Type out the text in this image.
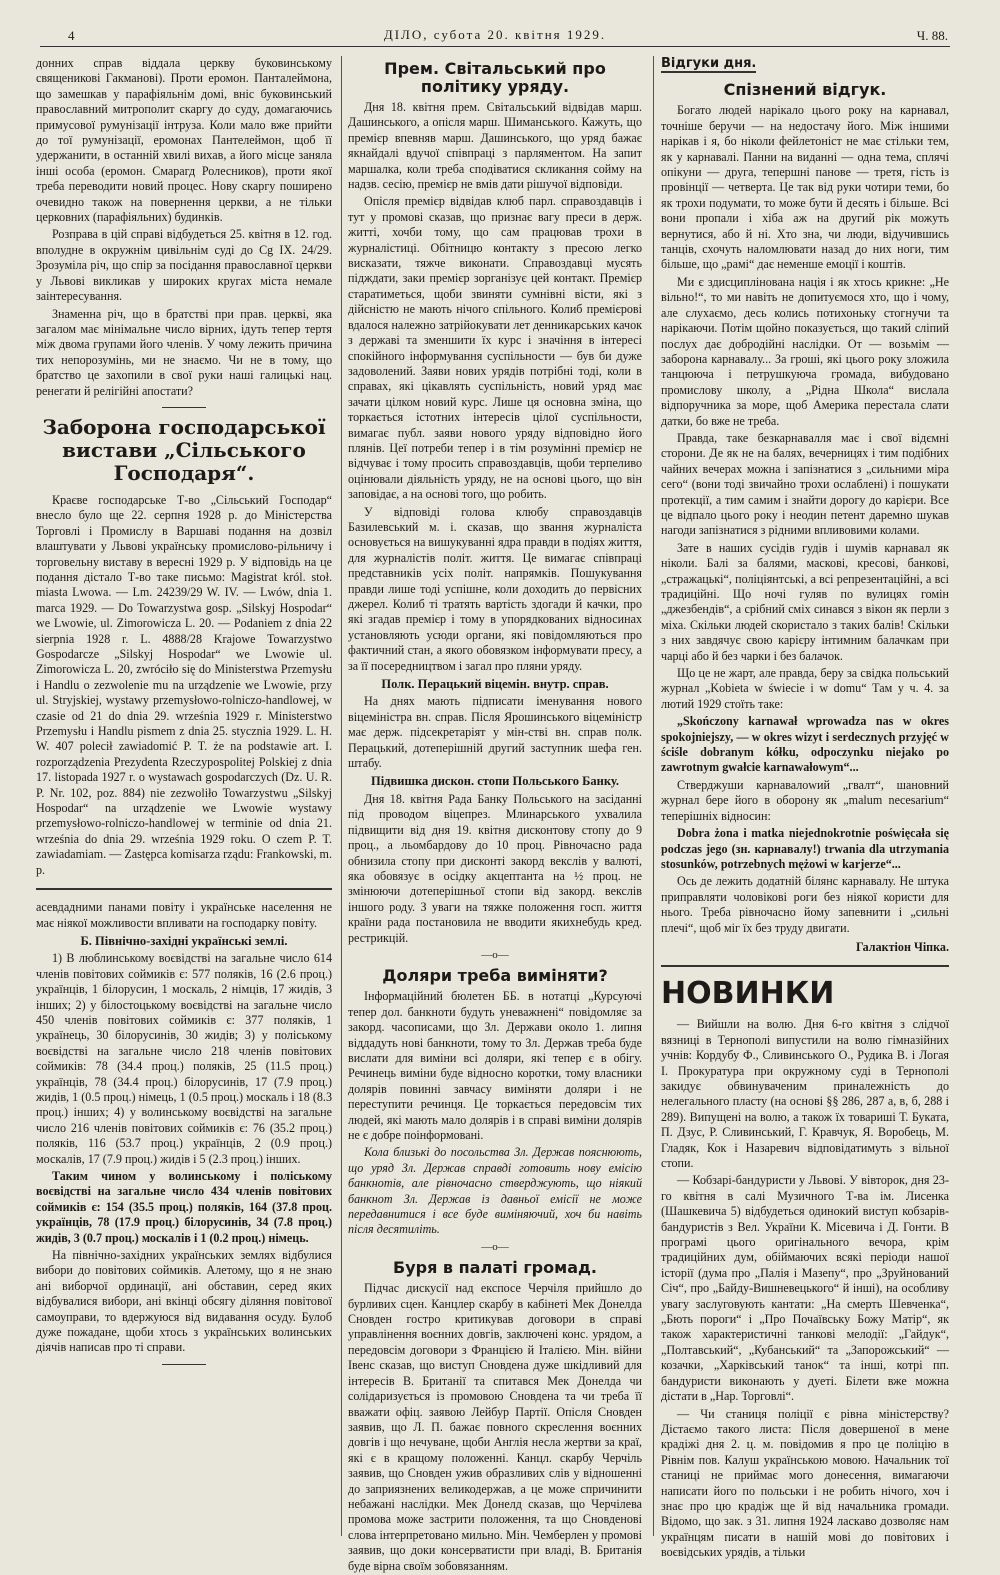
4	ДІЛО, субота 20. квітня 1929.	Ч. 88.

донних справ віддала церкву буковинському священикові Гакманові). Проти еромон. Панталеймона, що замешкав у парафіяльнім домі, вніс буковинський православний митрополит скаргу до суду, домагаючись примусової румунізації інтруза. Коли мало вже прийти до тої румунізації, еромонах Пантелеймон, щоб її удержанити, в останній хвилі вихав, а його місце заняла інші особа (еромон. Смарагд Ролесников), проти якої треба переводити новий процес. Нову скаргу поширено очевидно також на повернення церкви, а не тільки церковних (парафіяльних) будинків.

Розправа в цій справі відбудеться 25. квітня в 12. год. вполудне в окружнім цивільнім суді до Cg IX. 24/29. Зрозуміла річ, що спір за посідання православної церкви у Львові викликав у широких кругах міста немале заінтересування.

Знаменна річ, що в братстві при прав. церкві, яка загалом має мінімальне число вірних, ідуть тепер тертя між двома групами його членів. У чому лежить причина тих непорозумінь, ми не знаємо. Чи не в тому, що братство це захопили в свої руки наші галицькі нац. ренегати й релігійні апостати?

Заборона господарської вистави „Сільського Господаря“.

Краєве господарське Т-во „Сільський Господар“ внесло було ще 22. серпня 1928 р. до Міністерства Торговлі і Промислу в Варшаві подання на дозвіл влаштувати у Львові українську промислово-рільничу і торговельну виставу в вересні 1929 р. У відповідь на це подання дістало Т-во таке письмо: Magistrat król. stoł. miasta Lwowa. — Lm. 24239/29 W. IV. — Lwów, dnia 1. marca 1929. — Do Towarzystwa gosp. „Silskyj Hospodar“ we Lwowie, ul. Zimorowicza L. 20. — Podaniem z dnia 22 sierpnia 1928 r. L. 4888/28 Krajowe Towarzystwo Gospodarcze „Silskyj Hospodar“ we Lwowie ul. Zimorowicza L. 20, zwróciło się do Ministerstwa Przemysłu i Handlu o zezwolenie mu na urządzenie we Lwowie, przy ul. Stryjskiej, wystawy przemysłowo-rolniczo-handlowej, w czasie od 21 do dnia 29. września 1929 r. Ministerstwo Przemysłu i Handlu pismem z dnia 25. stycznia 1929. L. H. W. 407 polecił zawiadomić P. T. że na podstawie art. I. rozporządzenia Prezydenta Rzeczypospolitej Polskiej z dnia 17. listopada 1927 r. o wystawach gospodarczych (Dz. U. R. P. Nr. 102, poz. 884) nie zezwoliło Towarzystwu „Silskyj Hospodar“ na urządzenie we Lwowie wystawy przemysłowo-rolniczo-handlowej w terminie od dnia 21. września do dnia 29. września 1929 roku. O czem P. T. zawiadamiam. — Zastępca komisarza rządu: Frankowski, m. p.

асевдадними панами повіту і українське населення не має ніякої можливости впливати на господарку повіту.

Б. Північно-західні українські землі.

1) В люблинському воєвідстві на загальне число 614 членів повітових соймиків є: 577 поляків, 16 (2.6 проц.) українців, 1 білорусин, 1 москаль, 2 німців, 17 жидів, 3 інших; 2) у білостоцькому воєвідстві на загальне число 450 членів повітових соймиків є: 377 поляків, 1 українець, 30 білорусинів, 30 жидів; 3) у поліському воєвідстві на загальне число 218 членів повітових соймиків: 78 (34.4 проц.) поляків, 25 (11.5 проц.) українців, 78 (34.4 проц.) білорусинів, 17 (7.9 проц.) жидів, 1 (0.5 проц.) німець, 1 (0.5 проц.) москаль і 18 (8.3 проц.) інших; 4) у волинському воєвідстві на загальне число 216 членів повітових соймиків є: 76 (35.2 проц.) поляків, 116 (53.7 проц.) українців, 2 (0.9 проц.) москалів, 17 (7.9 проц.) жидів і 5 (2.3 проц.) інших.

Таким чином у волинському і поліському воєвідстві на загальне число 434 членів повітових соймиків є: 154 (35.5 проц.) поляків, 164 (37.8 проц. українців, 78 (17.9 проц.) білорусинів, 34 (7.8 проц.) жидів, 3 (0.7 проц.) москалів і 1 (0.2 проц.) німець.

На північно-західних українських землях відбулися вибори до повітових соймиків. Алетому, що я не знаю ані виборчої ординації, ані обставин, серед яких відбувалися вибори, ані вкінці обсягу діляння повітової самоуправи, то вдержуюся від видавання осуду. Булоб дуже пожадане, щоби хтось з українських волинських діячів написав про ті справи.

Прем. Світальський про політику уряду.

Дня 18. квітня прем. Світальський відвідав марш. Дашинського, а опісля марш. Шиманського. Кажуть, що премієр впевняв марш. Дашинського, що уряд бажає якнайдалі вдучої співпраці з парляментом. На запит маршалка, коли треба сподіватися скликання сойму на надзв. сесію, премієр не вмів дати рішучої відповіди.

Опісля премієр відвідав клюб парл. справоздавців і тут у промові сказав, що признає вагу преси в держ. житті, хочби тому, що сам працював трохи в журналістиці. Обітницю контакту з пресою легко висказати, тяжче виконати. Справоздавці мусять підждати, заки премієр зорганізує цей контакт. Премієр старатиметься, щоби звиняти сумнівні вісти, які з дійсністю не мають нічого спільного. Колиб премієрові вдалося належно затрійокувати лет денникарських качок з державі та зменшити їх курс і значіння в інтересі спокійного інформування суспільности — був би дуже задоволений. Заяви нових урядів потрібні тоді, коли в справах, які цікавлять суспільність, новий уряд має зачати цілком новий курс. Лише ця основна зміна, що торкається істотних інтересів цілої суспільности, вимагає публ. заяви нового уряду відповідно його плянів. Цеї потреби тепер і в тім розумінні премієр не відчуває і тому просить справоздавців, щоби терпеливо оцінювали діяльність уряду, не на основі цього, що він заповідає, а на основі того, що робить.

У відповіді голова клюбу справоздавців Базилевський м. і. сказав, що звання журналіста основується на вишукуванні ядра правди в подіях життя, для журналістів політ. життя. Це вимагає співпраці представників усіх політ. напрямків. Пошукування правди лише тоді успішне, коли доходить до первісних джерел. Колиб ті тратять вартість здогади й качки, про які згадав премієр і тому в упорядкованих відносинах установляють усюди органи, які повідомляються про фактичний стан, а якого обовязком інформувати пресу, а за її посередництвом і загал про пляни уряду.

Полк. Перацький віцемін. внутр. справ.

На днях мають підписати іменування нового віцеміністра вн. справ. Після Ярошинського віцеміністр має держ. підсекретаріят у мін-стві вн. справ полк. Перацький, дотеперішній другий заступник шефа ген. штабу.

Підвишка дискон. стопи Польського Банку.

Дня 18. квітня Рада Банку Польського на засіданні під проводом віцепрез. Млинарського ухвалила підвищити від дня 19. квітня дисконтову стопу до 9 проц., а льомбардову до 10 проц. Рівночасно рада обнизила стопу при дисконті закорд векслів у валюті, яка обовязує в осідку акцептанта на ½ проц. не змінюючи дотеперішньої стопи від закорд. векслів іншого роду. З уваги на тяжке положення госп. життя країни рада постановила не вводити якихнебудь кред. рестрикцій.

—o—
Доляри треба виміняти?

Інформаційний бюлетен ББ. в нотатці „Курсуючі тепер дол. банкноти будуть уневажнені“ повідомляє за закорд. часописами, що Зл. Держави около 1. липня віддадуть нові банкноти, тому то Зл. Держав треба буде вислати для виміни всі доляри, які тепер є в обігу. Речинець виміни буде відносно коротки, тому власники долярів повинні завчасу виміняти доляри і не переступити речинця. Це торкається передовсім тих людей, які мають мало долярів і в справі виміни долярів не є добре поінформовані.

Кола близькі до посольства Зл. Держав пояснюють, що уряд Зл. Держав справді готовить нову емісію банкнотів, але рівночасно стверджують, що ніякий банкнот Зл. Держав із давньої емісії не може передавнитися і все буде виміняючий, хоч би навіть після десятиліть.

—o—
Буря в палаті громад.

Підчас дискусії над експосе Черчіля прийшло до бурливих сцен. Канцлер скарбу в кабінеті Мек Донелда Сновден гостро критикував договори в справі управлінення воєнних довгів, заключені конс. урядом, а передовсім договори з Францією й Італією. Мін. війни Івенс сказав, що виступ Сновдена дуже шкідливий для інтересів В. Британії та спитався Мек Донелда чи солідаризується із промовою Сновдена та чи треба її вважати офіц. заявою Лейбур Партії. Опісля Сновден заявив, що Л. П. бажає повного скреслення воєнних довгів і що нечуване, щоби Англія несла жертви за краї, які є в кращому положенні. Канцл. скарбу Черчіль заявив, що Сновден ужив образливих слів у відношенні до заприязнених великодержав, а це може спричинити небажані наслідки. Мек Донелд сказав, що Черчілева промова може застрити положення, та що Сновденові слова інтерпретовано мильно. Мін. Чемберлен у промові заявив, що доки консерватисти при владі, В. Британія буде вірна своїм зобовязанням.

Відгуки дня.
Спізнений відгук.

Богато людей нарікало цього року на карнавал, точніше беручи — на недостачу його. Між іншими нарікав і я, бо ніколи фейлетоніст не має стільки тем, як у карнавалі. Панни на виданні — одна тема, сплячі опікуни — друга, тепершні панове — третя, гість із провінції — четверта. Це так від руки чотири теми, бо як трохи подумати, то може бути й десять і більше. Всі вони пропали і хіба аж на другий рік можуть вернутися, або й ні. Хто зна, чи люди, відучившись танців, схочуть наломлювати назад до них ноги, тим більше, що „рамі“ дає неменше емоції і коштів.

Ми є здисциплінована нація і як хтось крикне: „Не вільно!“, то ми навіть не допитуємося хто, що і чому, але слухаємо, десь колись потихоньку стогнучи та нарікаючи. Потім щойно показується, що такий сліпий послух дає добродійні наслідки. От — возьмім — заборона карнавалу... За гроші, які цього року зложила танцююча і петрушкуюча громада, вибудовано промислову школу, а „Рідна Школа“ вислала відпоручника за море, щоб Америка перестала слати датки, бо вже не треба.

Правда, таке безкарнавалля має і свої відємні сторони. Де як не на балях, вечерницях і тим подібних чайних вечерах можна і запізнатися з „сильними міра сего“ (вони тоді звичайно трохи ослаблені) і пошукати протекції, а тим самим і знайти дорогу до карієри. Все це відпало цього року і неодин петент даремно шукав нагоди запізнатися з рідними впливовими колами.

Зате в наших сусідів гудів і шумів карнавал як ніколи. Балі за балями, маскові, кресові, банкові, „стражацькі“, поліціянтські, а всі репрезентаційні, а всі традиційні. Що ночі гуляв по вулицях гомін „джезбендів“, а срібний сміх синався з вікон як перли з міха. Скільки людей скористало з таких балів! Скільки з них завдячує свою карієру інтимним балачкам при чарці або й без чарки і без балачок.

Що це не жарт, але правда, беру за свідка польський журнал „Kobieta w świecie i w domu“ Там у ч. 4. за лютий 1929 стоїть таке:

„Skończony karnawał wprowadza nas w okres spokojniejszy, — w okres wizyt i serdecznych przyjęć w ściśle dobranym kółku, odpoczynku niejako po zawrotnym gwałcie karnawałowym“...

Стверджуши карнавалowий „гвалт“, шановний журнал бере його в оборону як „malum necesarium“ теперішніх відносин:

Dobra żona i matka niejednokrotnie poświęcała się podczas jego (зн. карнавалу!) trwania dla utrzymania stosunków, potrzebnych mężowi w karjerze“...

Ось де лежить додатній білянс карнавалу. Не штука приправляти чоловікові роги без ніякої користи для нього. Треба рівночасно йому запевнити і „сильні плечі“, щоб міг їх без труду двигати.

Галактіон Чіпка.
НОВИНКИ

— Вийшли на волю. Дня 6-го квітня з слідчої вязниці в Тернополі випустили на волю гімназійних учнів: Кордубу Ф., Сливинського О., Рудика В. і Логая І. Прокуратура при окружному суді в Тернополі закидує обвинуваченим приналежність до нелегального пласту (на основі §§ 286, 287 а, в, б, 288 і 289). Випущені на волю, а також їх товариші Т. Букатa, П. Дзус, Р. Сливинський, Г. Кравчук, Я. Воробець, М. Гладяк, Кок і Назаревич відповідатимуть з вільної стопи.

— Кобзарі-бандуристи у Львові. У вівторок, дня 23-го квітня в салі Музичного Т-ва ім. Лисенка (Шашкевича 5) відбудеться одинокий виступ кобзарів-бандуристів з Вел. України К. Місевича і Д. Гонти. В програмі цього оригінального вечора, крім традиційних дум, обіймаючих всякі періоди нашої історії (дума про „Палія і Мазепу“, про „Зруйнований Січ“, про „Байду-Вишневецького“ й інші), на особливу увагу заслуговують кантати: „На смерть Шевченка“, „Бють пороги“ і „Про Почаївську Божу Матір“, як також характеристичні танкові мелодії: „Гайдук“, „Полтавський“, „Кубанський“ та „Запорожський“ — козачки, „Харківський танок“ та інші, котрі пп. бандуристи виконають у дуеті. Білети вже можна дістати в „Нар. Торговлі“.

— Чи станиця поліції є рівна міністерству? Дістаємо такого листа: Після довершеної в мене крадіжі дня 2. ц. м. повідомив я про це поліцію в Рівнім пов. Калуш українською мовою. Начальник тої станиці не приймає мого донесення, вимагаючи написати його по польськи і не робить нічого, хоч і знає про цю крадіж ще й від начальника громади. Відомо, що зак. з 31. липня 1924 ласкаво дозволяє нам українцям писати в нашій мові до повітових і воєвідських урядів, а тільки
